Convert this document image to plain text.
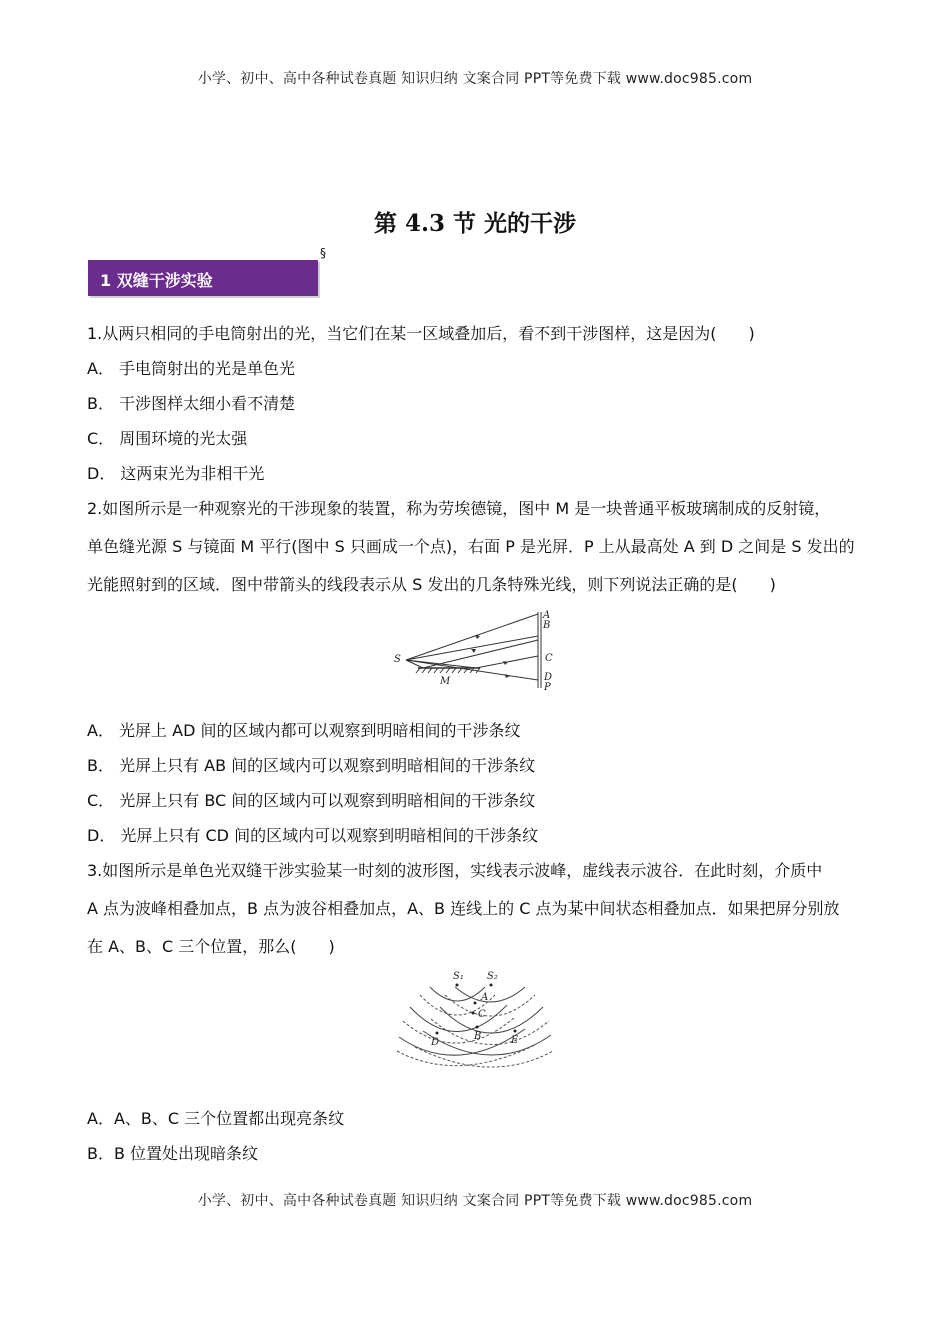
小学、初中、高中各种试卷真题 知识归纳 文案合同 PPT等免费下载 www.doc985.com
第 4.3 节 光的干涉
§
1 双缝干涉实验
1.从两只相同的手电筒射出的光，当它们在某一区域叠加后，看不到干涉图样，这是因为(　　)
A． 手电筒射出的光是单色光
B． 干涉图样太细小看不清楚
C． 周围环境的光太强
D． 这两束光为非相干光
2.如图所示是一种观察光的干涉现象的装置，称为劳埃德镜，图中 M 是一块普通平板玻璃制成的反射镜，
单色缝光源 S 与镜面 M 平行(图中 S 只画成一个点)，右面 P 是光屏．P 上从最高处 A 到 D 之间是 S 发出的
光能照射到的区域．图中带箭头的线段表示从 S 发出的几条特殊光线，则下列说法正确的是(　　)
S
M
A
B
C
D
P
A． 光屏上 AD 间的区域内都可以观察到明暗相间的干涉条纹
B． 光屏上只有 AB 间的区域内可以观察到明暗相间的干涉条纹
C． 光屏上只有 BC 间的区域内可以观察到明暗相间的干涉条纹
D． 光屏上只有 CD 间的区域内可以观察到明暗相间的干涉条纹
3.如图所示是单色光双缝干涉实验某一时刻的波形图，实线表示波峰，虚线表示波谷．在此时刻，介质中
A 点为波峰相叠加点，B 点为波谷相叠加点，A、B 连线上的 C 点为某中间状态相叠加点．如果把屏分别放
在 A、B、C 三个位置，那么(　　)
S₁ S₂
A
C
B
D	E
A．A、B、C 三个位置都出现亮条纹
B．B 位置处出现暗条纹
小学、初中、高中各种试卷真题 知识归纳 文案合同 PPT等免费下载 www.doc985.com
